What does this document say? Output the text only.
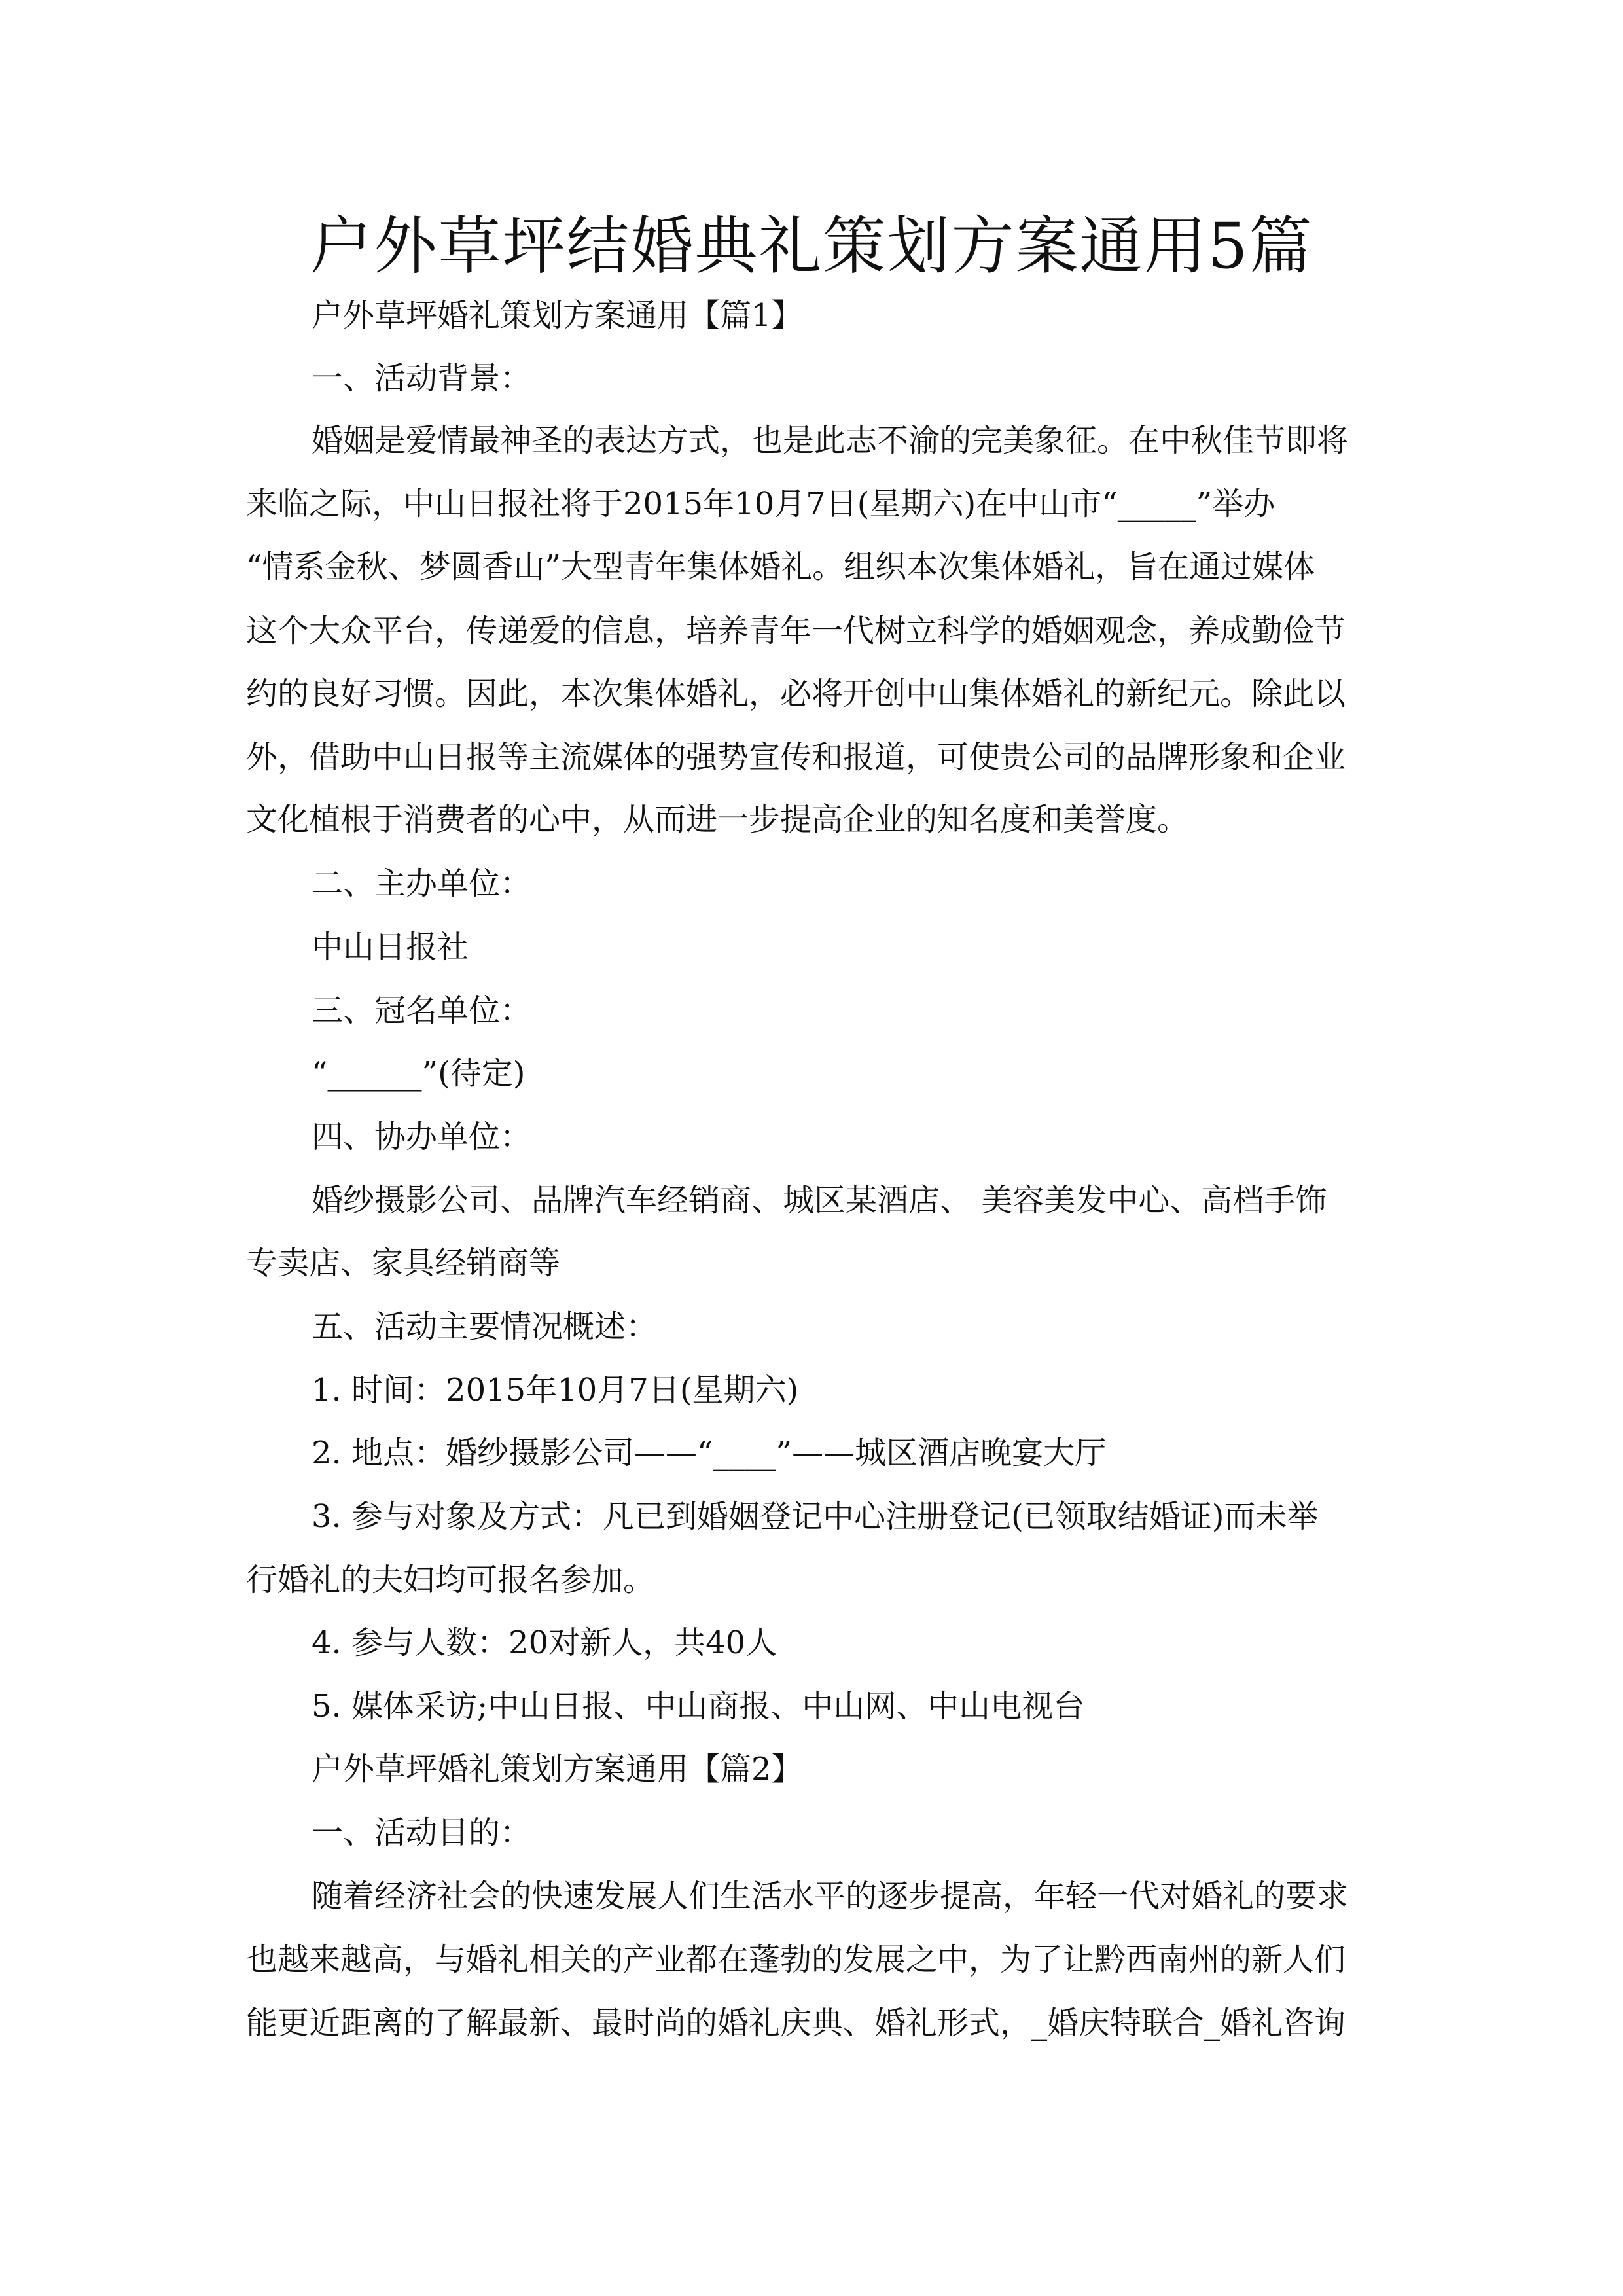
户外草坪结婚典礼策划方案通用5篇
户外草坪婚礼策划方案通用【篇1】
一、活动背景：
婚姻是爱情最神圣的表达方式，也是此志不渝的完美象征。在中秋佳节即将
来临之际，中山日报社将于2015年10月7日(星期六)在中山市“_____”举办
“情系金秋、梦圆香山”大型青年集体婚礼。组织本次集体婚礼，旨在通过媒体
这个大众平台，传递爱的信息，培养青年一代树立科学的婚姻观念，养成勤俭节
约的良好习惯。因此，本次集体婚礼，必将开创中山集体婚礼的新纪元。除此以
外，借助中山日报等主流媒体的强势宣传和报道，可使贵公司的品牌形象和企业
文化植根于消费者的心中，从而进一步提高企业的知名度和美誉度。
二、主办单位：
中山日报社
三、冠名单位：
“______”(待定)
四、协办单位：
婚纱摄影公司、品牌汽车经销商、城区某酒店、 美容美发中心、高档手饰
专卖店、家具经销商等
五、活动主要情况概述：
1. 时间：2015年10月7日(星期六)
2. 地点：婚纱摄影公司——“____”——城区酒店晚宴大厅
3. 参与对象及方式：凡已到婚姻登记中心注册登记(已领取结婚证)而未举
行婚礼的夫妇均可报名参加。
4. 参与人数：20对新人，共40人
5. 媒体采访;中山日报、中山商报、中山网、中山电视台
户外草坪婚礼策划方案通用【篇2】
一、活动目的：
随着经济社会的快速发展人们生活水平的逐步提高，年轻一代对婚礼的要求
也越来越高，与婚礼相关的产业都在蓬勃的发展之中，为了让黔西南州的新人们
能更近距离的了解最新、最时尚的婚礼庆典、婚礼形式，_婚庆特联合_婚礼咨询
